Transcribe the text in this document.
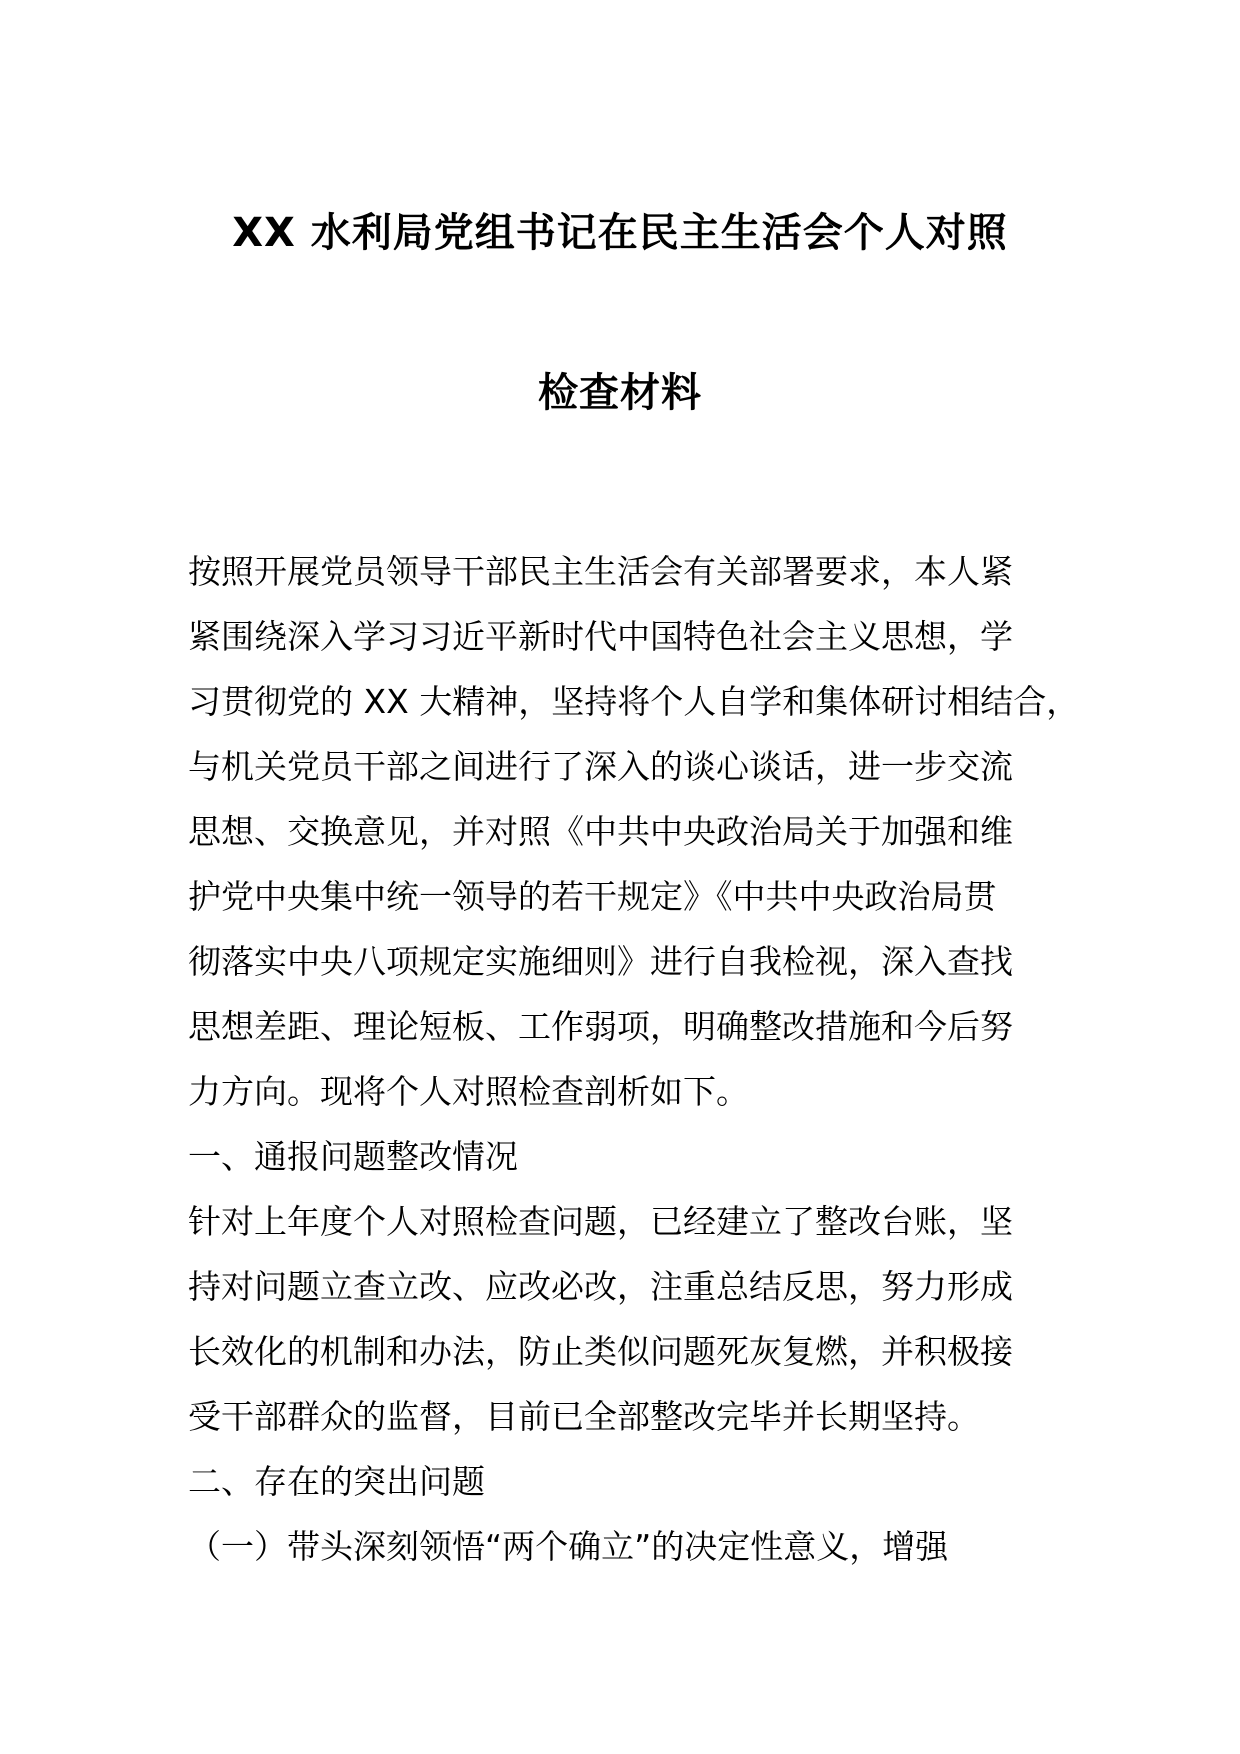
XX 水利局党组书记在民主生活会个人对照
检查材料
按照开展党员领导干部民主生活会有关部署要求，本人紧
紧围绕深入学习习近平新时代中国特色社会主义思想，学
习贯彻党的 XX 大精神，坚持将个人自学和集体研讨相结合，
与机关党员干部之间进行了深入的谈心谈话，进一步交流
思想、交换意见，并对照《中共中央政治局关于加强和维
护党中央集中统一领导的若干规定》《中共中央政治局贯
彻落实中央八项规定实施细则》进行自我检视，深入查找
思想差距、理论短板、工作弱项，明确整改措施和今后努
力方向。现将个人对照检查剖析如下。
一、通报问题整改情况
针对上年度个人对照检查问题，已经建立了整改台账，坚
持对问题立查立改、应改必改，注重总结反思，努力形成
长效化的机制和办法，防止类似问题死灰复燃，并积极接
受干部群众的监督，目前已全部整改完毕并长期坚持。
二、存在的突出问题
（一）带头深刻领悟“两个确立”的决定性意义，增强
